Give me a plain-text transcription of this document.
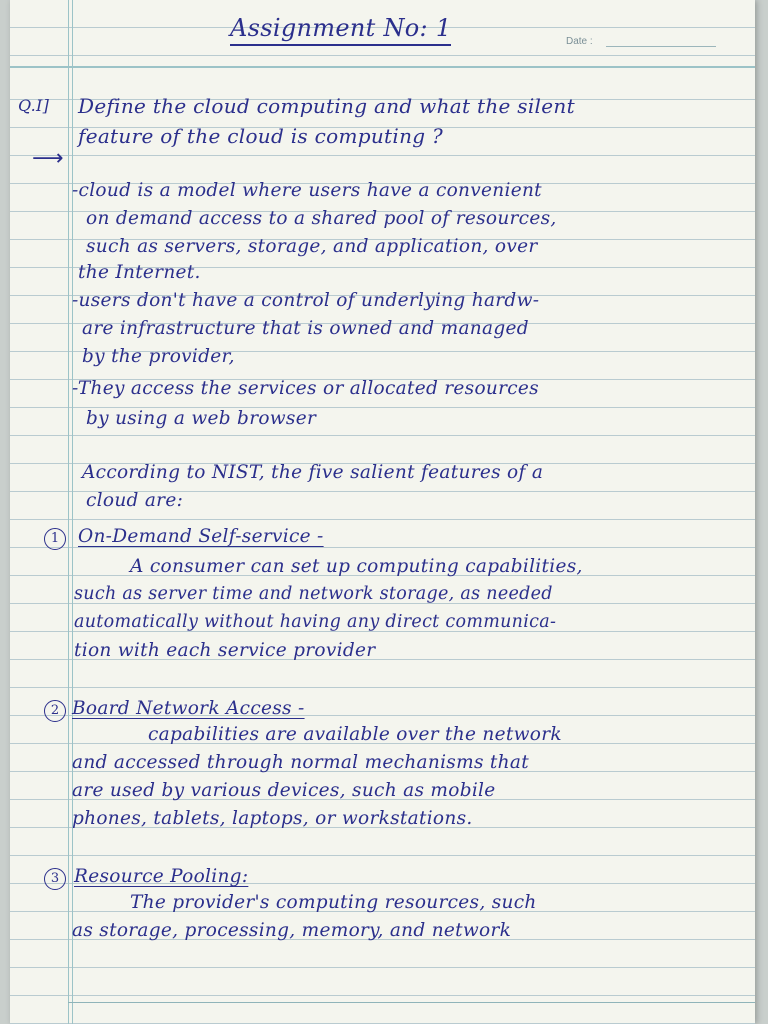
Assignment No: 1	Date :
Q.I] Define the cloud computing and what the silent
feature of the cloud is computing ?
⟶
-cloud is a model where users have a convenient
on demand access to a shared pool of resources,
such as servers, storage, and application, over
the Internet.
-users don't have a control of underlying hardw-
are infrastructure that is owned and managed
by the provider,
-They access the services or allocated resources
by using a web browser
According to NIST, the five salient features of a
cloud are:
1	On-Demand Self-service -
A consumer can set up computing capabilities,
such as server time and network storage, as needed
automatically without having any direct communica-
tion with each service provider
2 Board Network Access -
capabilities are available over the network
and accessed through normal mechanisms that
are used by various devices, such as mobile
phones, tablets, laptops, or workstations.
3 Resource Pooling:
The provider's computing resources, such
as storage, processing, memory, and network
